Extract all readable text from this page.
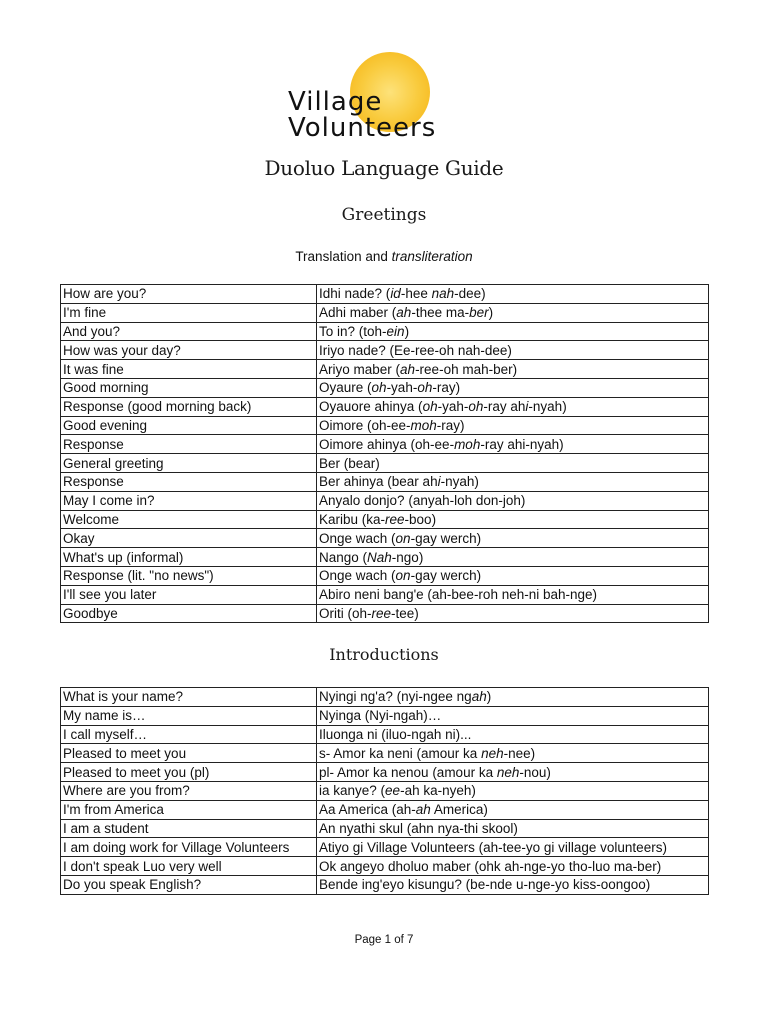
Village
Volunteers
Duoluo Language Guide
Greetings
Translation and transliteration
How are you?	Idhi nade? (id-hee nah-dee)
I'm fine	Adhi maber (ah-thee ma-ber)
And you?	To in? (toh-ein)
How was your day?	Iriyo nade? (Ee-ree-oh nah-dee)
It was fine	Ariyo maber (ah-ree-oh mah-ber)
Good morning	Oyaure (oh-yah-oh-ray)
Response (good morning back)	Oyauore ahinya (oh-yah-oh-ray ahi-nyah)
Good evening	Oimore (oh-ee-moh-ray)
Response	Oimore ahinya (oh-ee-moh-ray ahi-nyah)
General greeting	Ber (bear)
Response	Ber ahinya (bear ahi-nyah)
May I come in?	Anyalo donjo? (anyah-loh don-joh)
Welcome	Karibu (ka-ree-boo)
Okay	Onge wach (on-gay werch)
What's up (informal)	Nango (Nah-ngo)
Response (lit. "no news")	Onge wach (on-gay werch)
I'll see you later	Abiro neni bang'e (ah-bee-roh neh-ni bah-nge)
Goodbye	Oriti (oh-ree-tee)
Introductions
What is your name?	Nyingi ng'a? (nyi-ngee ngah)
My name is…	Nyinga (Nyi-ngah)…
I call myself…	Iluonga ni (iluo-ngah ni)...
Pleased to meet you	s- Amor ka neni (amour ka neh-nee)
Pleased to meet you (pl)	pl- Amor ka nenou (amour ka neh-nou)
Where are you from?	ia kanye? (ee-ah ka-nyeh)
I'm from America	Aa America (ah-ah America)
I am a student	An nyathi skul (ahn nya-thi skool)
I am doing work for Village Volunteers	Atiyo gi Village Volunteers (ah-tee-yo gi village volunteers)
I don't speak Luo very well	Ok angeyo dholuo maber (ohk ah-nge-yo tho-luo ma-ber)
Do you speak English?	Bende ing'eyo kisungu? (be-nde u-nge-yo kiss-oongoo)
Page 1 of 7
